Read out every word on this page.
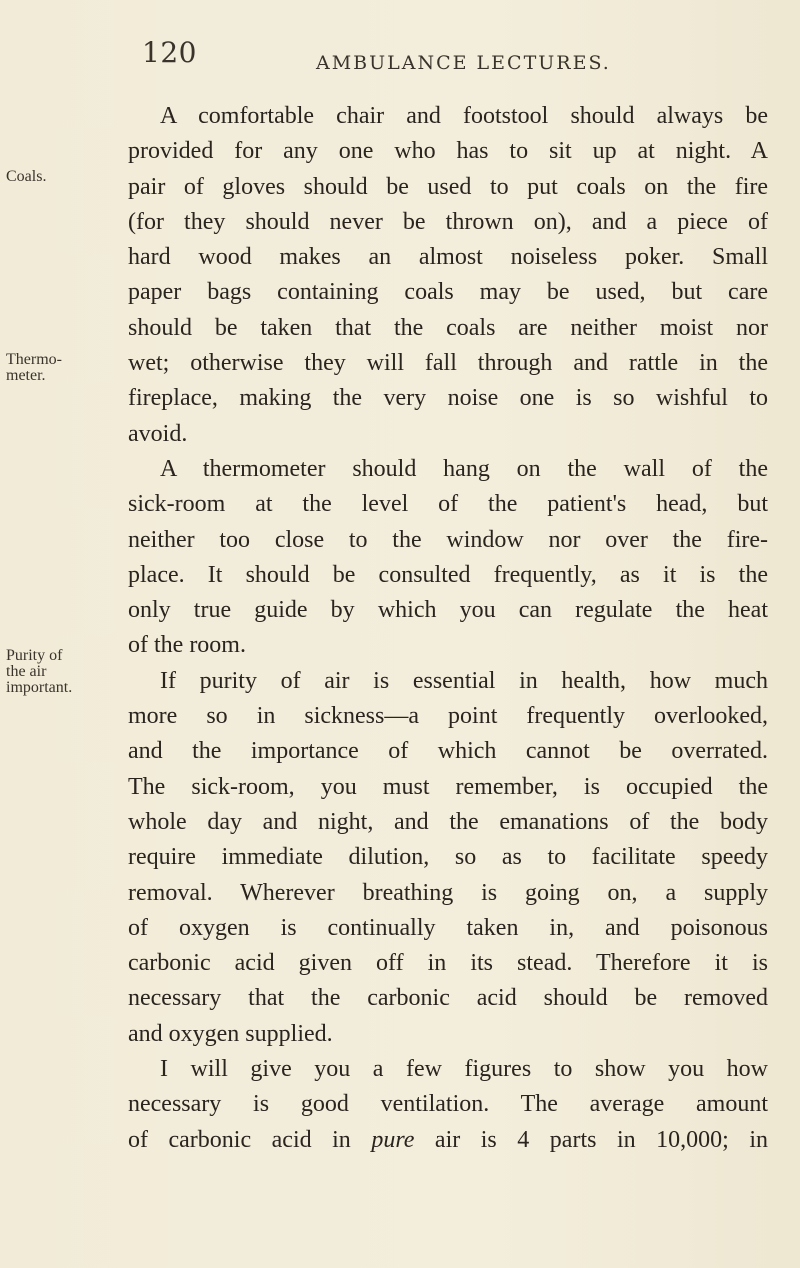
120	AMBULANCE LECTURES.
Coals.
Thermo-
meter.
Purity of
the air
important.
A comfortable chair and footstool should always be
provided for any one who has to sit up at night. A
pair of gloves should be used to put coals on the fire
(for they should never be thrown on), and a piece of
hard wood makes an almost noiseless poker. Small
paper bags containing coals may be used, but care
should be taken that the coals are neither moist nor
wet; otherwise they will fall through and rattle in the
fireplace, making the very noise one is so wishful to
avoid.
A thermometer should hang on the wall of the
sick-room at the level of the patient's head, but
neither too close to the window nor over the fire-
place. It should be consulted frequently, as it is the
only true guide by which you can regulate the heat
of the room.
If purity of air is essential in health, how much
more so in sickness—a point frequently overlooked,
and the importance of which cannot be overrated.
The sick-room, you must remember, is occupied the
whole day and night, and the emanations of the body
require immediate dilution, so as to facilitate speedy
removal. Wherever breathing is going on, a supply
of oxygen is continually taken in, and poisonous
carbonic acid given off in its stead. Therefore it is
necessary that the carbonic acid should be removed
and oxygen supplied.
I will give you a few figures to show you how
necessary is good ventilation. The average amount
of carbonic acid in pure air is 4 parts in 10,000; in
